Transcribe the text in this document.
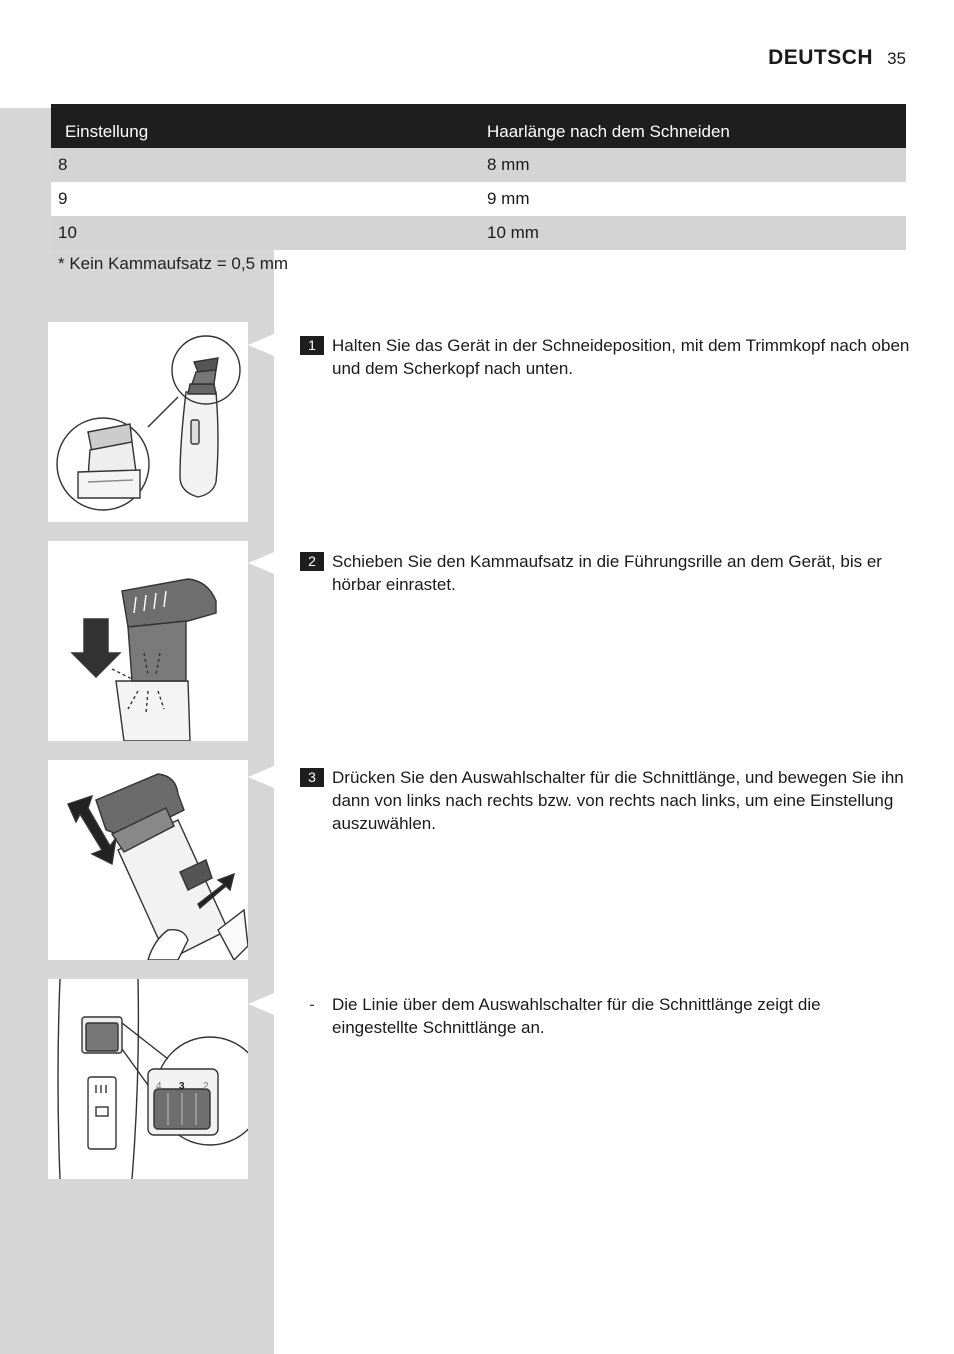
DEUTSCH 35
Einstellung	Haarlänge nach dem Schneiden
8	8 mm
9	9 mm
10	10 mm
* Kein Kammaufsatz = 0,5 mm
1 Halten Sie das Gerät in der Schneideposition, mit dem Trimmkopf nach oben und dem Scherkopf nach unten.
2 Schieben Sie den Kammaufsatz in die Führungsrille an dem Gerät, bis er hörbar einrastet.
3 Drücken Sie den Auswahlschalter für die Schnittlänge, und bewegen Sie ihn dann von links nach rechts bzw. von rechts nach links, um eine Einstellung auszuwählen.
4 3 2
-	Die Linie über dem Auswahlschalter für die Schnittlänge zeigt die eingestellte Schnittlänge an.
